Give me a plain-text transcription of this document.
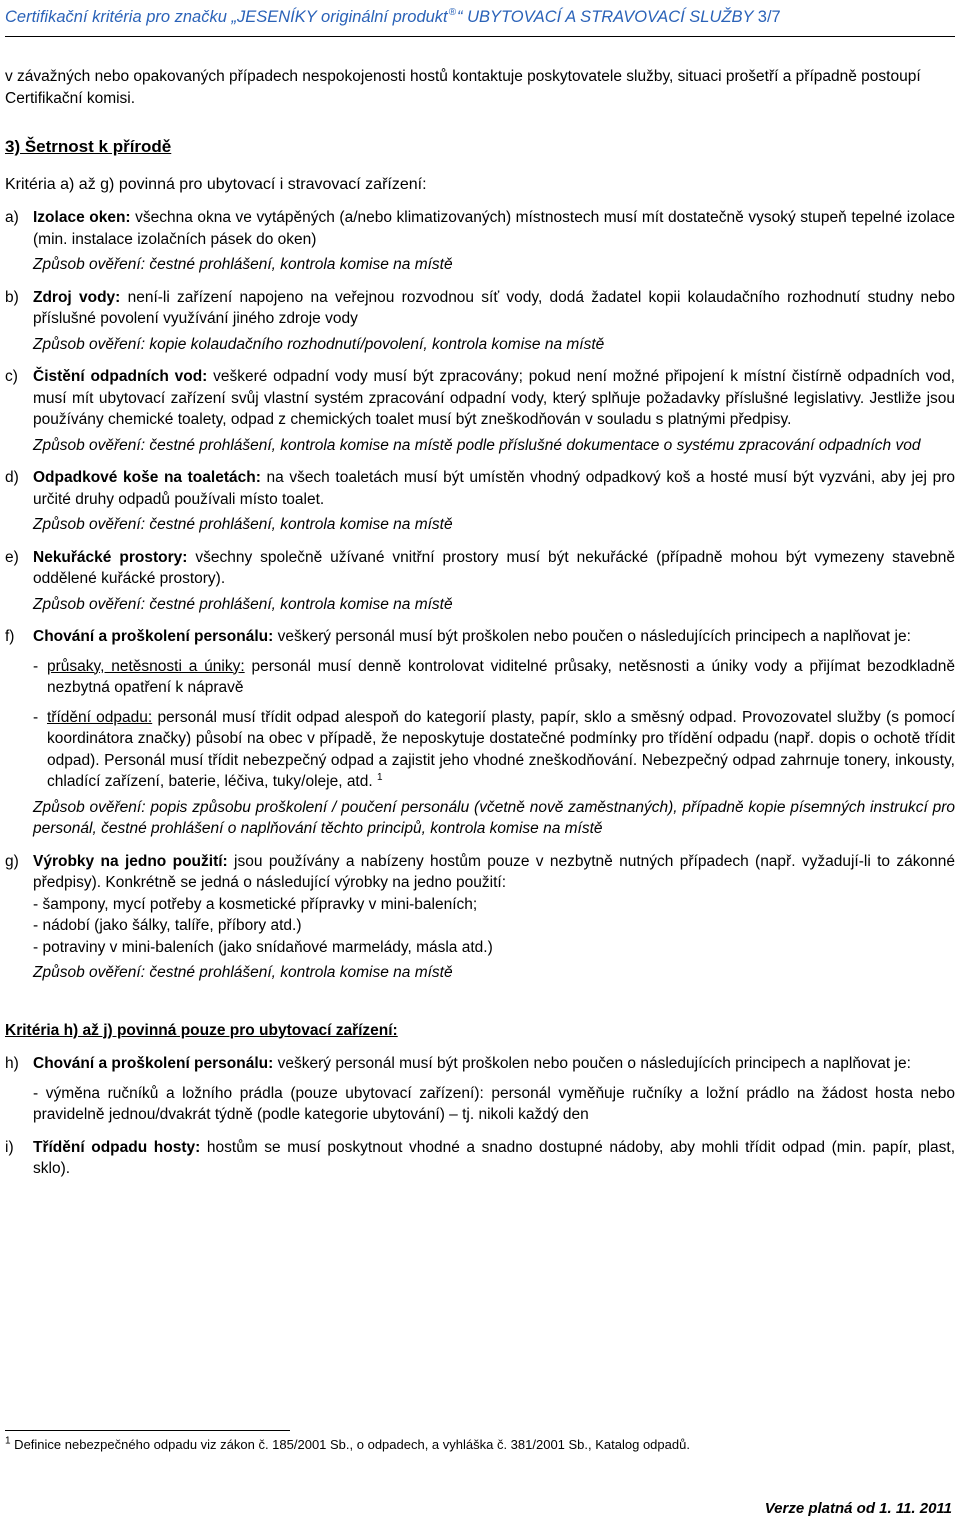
Certifikační kritéria pro značku „JESENÍKY originální produkt®“ UBYTOVACÍ A STRAVOVACÍ SLUŽBY 3/7

v závažných nebo opakovaných případech nespokojenosti hostů kontaktuje poskytovatele služby, situaci prošetří a případně postoupí Certifikační komisi.

3) Šetrnost k přírodě

Kritéria a) až g) povinná pro ubytovací i stravovací zařízení:

a) Izolace oken: všechna okna ve vytápěných (a/nebo klimatizovaných) místnostech musí mít dostatečně vysoký stupeň tepelné izolace (min. instalace izolačních pásek do oken)

Způsob ověření: čestné prohlášení, kontrola komise na místě

b) Zdroj vody: není-li zařízení napojeno na veřejnou rozvodnou síť vody, dodá žadatel kopii kolaudačního rozhodnutí studny nebo příslušné povolení využívání jiného zdroje vody

Způsob ověření: kopie kolaudačního rozhodnutí/povolení, kontrola komise na místě

c) Čistění odpadních vod: veškeré odpadní vody musí být zpracovány; pokud není možné připojení k místní čistírně odpadních vod, musí mít ubytovací zařízení svůj vlastní systém zpracování odpadní vody, který splňuje požadavky příslušné legislativy. Jestliže jsou používány chemické toalety, odpad z chemických toalet musí být zneškodňován v souladu s platnými předpisy.

Způsob ověření: čestné prohlášení, kontrola komise na místě podle příslušné dokumentace o systému zpracování odpadních vod

d) Odpadkové koše na toaletách: na všech toaletách musí být umístěn vhodný odpadkový koš a hosté musí být vyzváni, aby jej pro určité druhy odpadů používali místo toalet.

Způsob ověření: čestné prohlášení, kontrola komise na místě

e) Nekuřácké prostory: všechny společně užívané vnitřní prostory musí být nekuřácké (případně mohou být vymezeny stavebně oddělené kuřácké prostory).

Způsob ověření: čestné prohlášení, kontrola komise na místě

f)	Chování a proškolení personálu: veškerý personál musí být proškolen nebo poučen o následujících principech a naplňovat je:

- průsaky, netěsnosti a úniky: personál musí denně kontrolovat viditelné průsaky, netěsnosti a úniky vody a přijímat bezodkladně nezbytná opatření k nápravě
- třídění odpadu: personál musí třídit odpad alespoň do kategorií plasty, papír, sklo a směsný odpad. Provozovatel služby (s pomocí koordinátora značky) působí na obec v případě, že neposkytuje dostatečné podmínky pro třídění odpadu (např. dopis o ochotě třídit odpad). Personál musí třídit nebezpečný odpad a zajistit jeho vhodné zneškodňování. Nebezpečný odpad zahrnuje tonery, inkousty, chladící zařízení, baterie, léčiva, tuky/oleje, atd. $^1$

Způsob ověření: popis způsobu proškolení / poučení personálu (včetně nově zaměstnaných), případně kopie písemných instrukcí pro personál, čestné prohlášení o naplňování těchto principů, kontrola komise na místě

g) Výrobky na jedno použití: jsou používány a nabízeny hostům pouze v nezbytně nutných případech (např. vyžadují-li to zákonné předpisy). Konkrétně se jedná o následující výrobky na jedno použití:

- šampony, mycí potřeby a kosmetické přípravky v mini-baleních;

- nádobí (jako šálky, talíře, příbory atd.)

- potraviny v mini-baleních (jako snídaňové marmelády, másla atd.)

Způsob ověření: čestné prohlášení, kontrola komise na místě

Kritéria h) až j) povinná pouze pro ubytovací zařízení:

h) Chování a proškolení personálu: veškerý personál musí být proškolen nebo poučen o následujících principech a naplňovat je:

- výměna ručníků a ložního prádla (pouze ubytovací zařízení): personál vyměňuje ručníky a ložní prádlo na žádost hosta nebo pravidelně jednou/dvakrát týdně (podle kategorie ubytování) – tj. nikoli každý den

i)	Třídění odpadu hosty: hostům se musí poskytnout vhodné a snadno dostupné nádoby, aby mohli třídit odpad (min. papír, plast, sklo).

$^1$ Definice nebezpečného odpadu viz zákon č. 185/2001 Sb., o odpadech, a vyhláška č. 381/2001 Sb., Katalog odpadů.
Verze platná od 1. 11. 2011
